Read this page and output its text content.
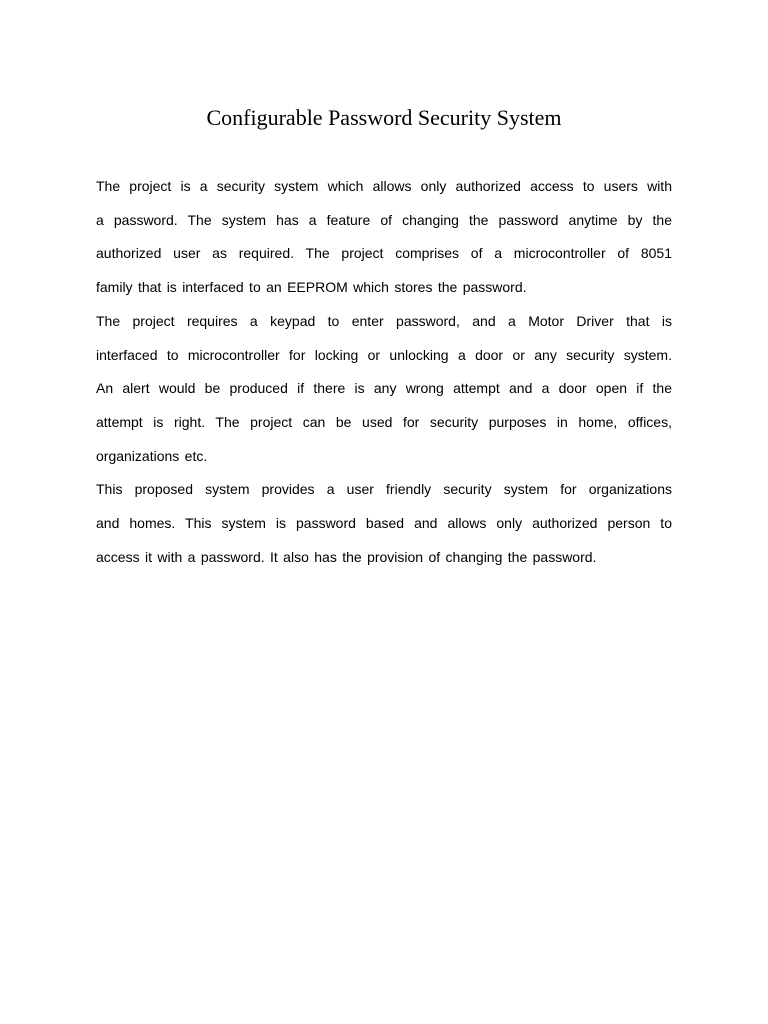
Configurable Password Security System

The project is a security system which allows only authorized access to users with
a password. The system has a feature of changing the password anytime by the
authorized user as required. The project comprises of a microcontroller of 8051
family that is interfaced to an EEPROM which stores the password.

The project requires a keypad to enter password, and a Motor Driver that is
interfaced to microcontroller for locking or unlocking a door or any security system.
An alert would be produced if there is any wrong attempt and a door open if the
attempt is right. The project can be used for security purposes in home, offices,
organizations etc.

This proposed system provides a user friendly security system for organizations
and homes. This system is password based and allows only authorized person to
access it with a password. It also has the provision of changing the password.
